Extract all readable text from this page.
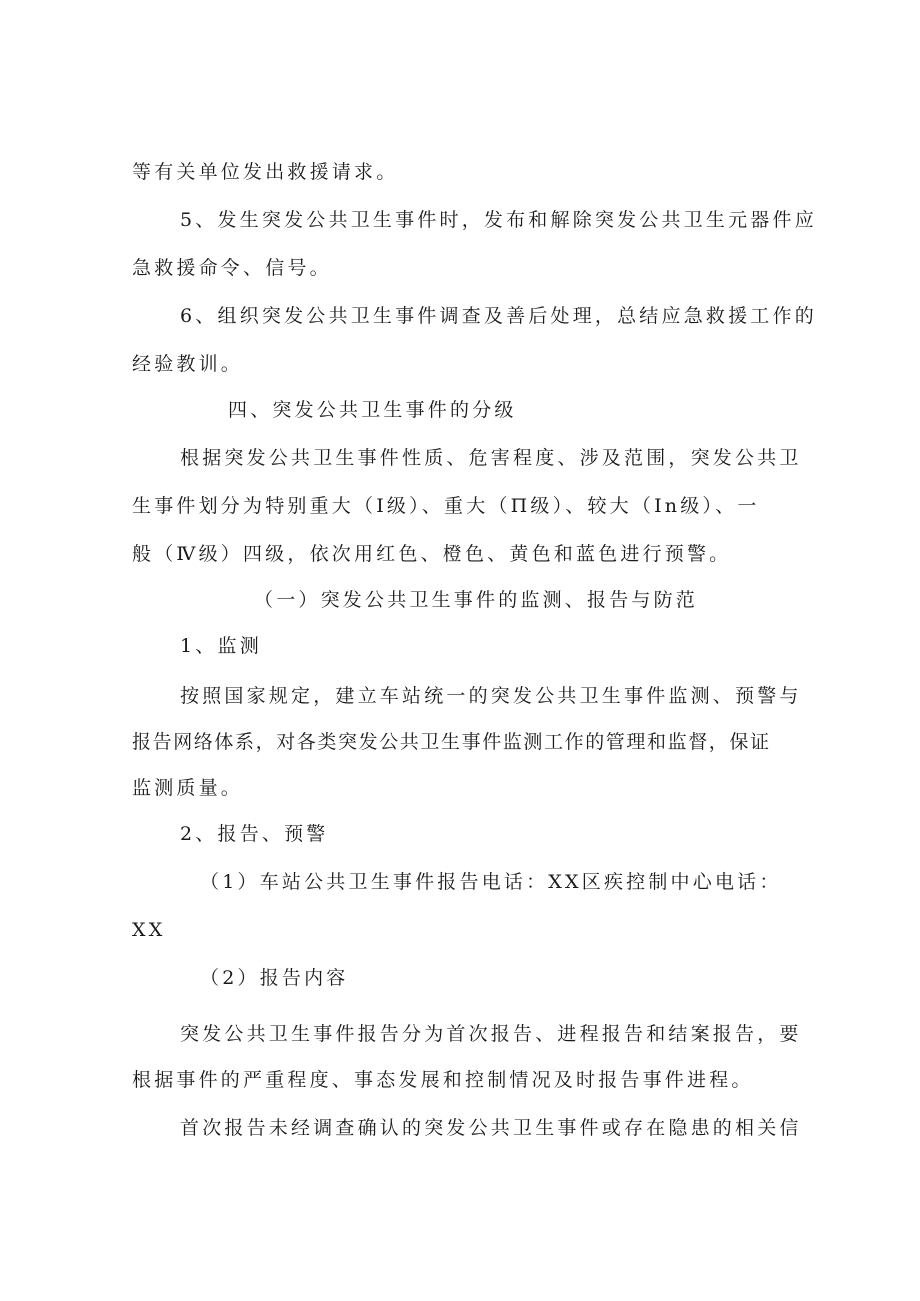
等有关单位发出救援请求。
5、发生突发公共卫生事件时，发布和解除突发公共卫生元器件应
急救援命令、信号。
6、组织突发公共卫生事件调查及善后处理，总结应急救援工作的
经验教训。
四、突发公共卫生事件的分级
根据突发公共卫生事件性质、危害程度、涉及范围，突发公共卫
生事件划分为特别重大（Ⅰ级）、重大（Π级）、较大（In级）、一
般（Ⅳ级）四级，依次用红色、橙色、黄色和蓝色进行预警。
（一）突发公共卫生事件的监测、报告与防范
1、监测
按照国家规定，建立车站统一的突发公共卫生事件监测、预警与
报告网络体系，对各类突发公共卫生事件监测工作的管理和监督，保证
监测质量。
2、报告、预警
（1）车站公共卫生事件报告电话：XX区疾控制中心电话：
XX
（2）报告内容
突发公共卫生事件报告分为首次报告、进程报告和结案报告，要
根据事件的严重程度、事态发展和控制情况及时报告事件进程。
首次报告未经调查确认的突发公共卫生事件或存在隐患的相关信
